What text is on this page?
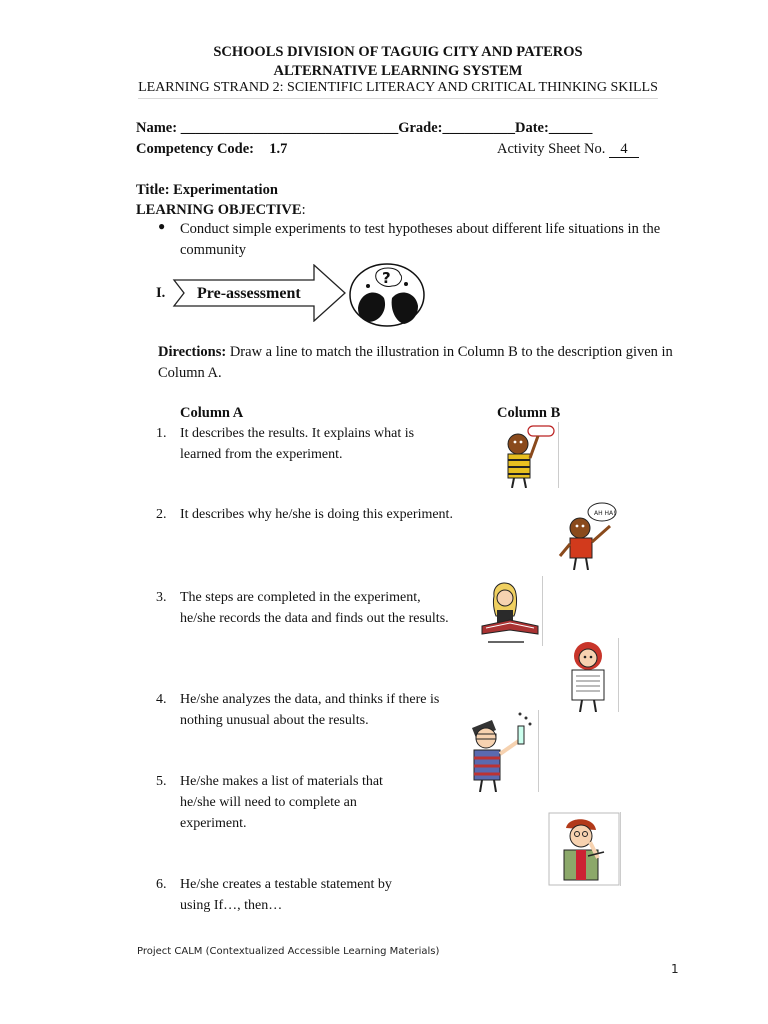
SCHOOLS DIVISION OF TAGUIG CITY AND PATEROS
ALTERNATIVE LEARNING SYSTEM
LEARNING STRAND 2: SCIENTIFIC LITERACY AND CRITICAL THINKING SKILLS
Name: ______________________________Grade:__________Date:______
Competency Code: 1.7	Activity Sheet No. 4
Title: Experimentation
LEARNING OBJECTIVE:
●	Conduct simple experiments to test hypotheses about different life situations in the community
I. Pre-assessment
?
Directions: Draw a line to match the illustration in Column B to the description given in Column A.
Column A	Column B
1. It describes the results. It explains what is learned from the experiment.
2. It describes why he/she is doing this experiment.
3. The steps are completed in the experiment, he/she records the data and finds out the results.
4. He/she analyzes the data, and thinks if there is nothing unusual about the results.
5. He/she makes a list of materials that he/she will need to complete an experiment.
6. He/she creates a testable statement by using If…, then…
AH HA!
Project CALM (Contextualized Accessible Learning Materials)
1
